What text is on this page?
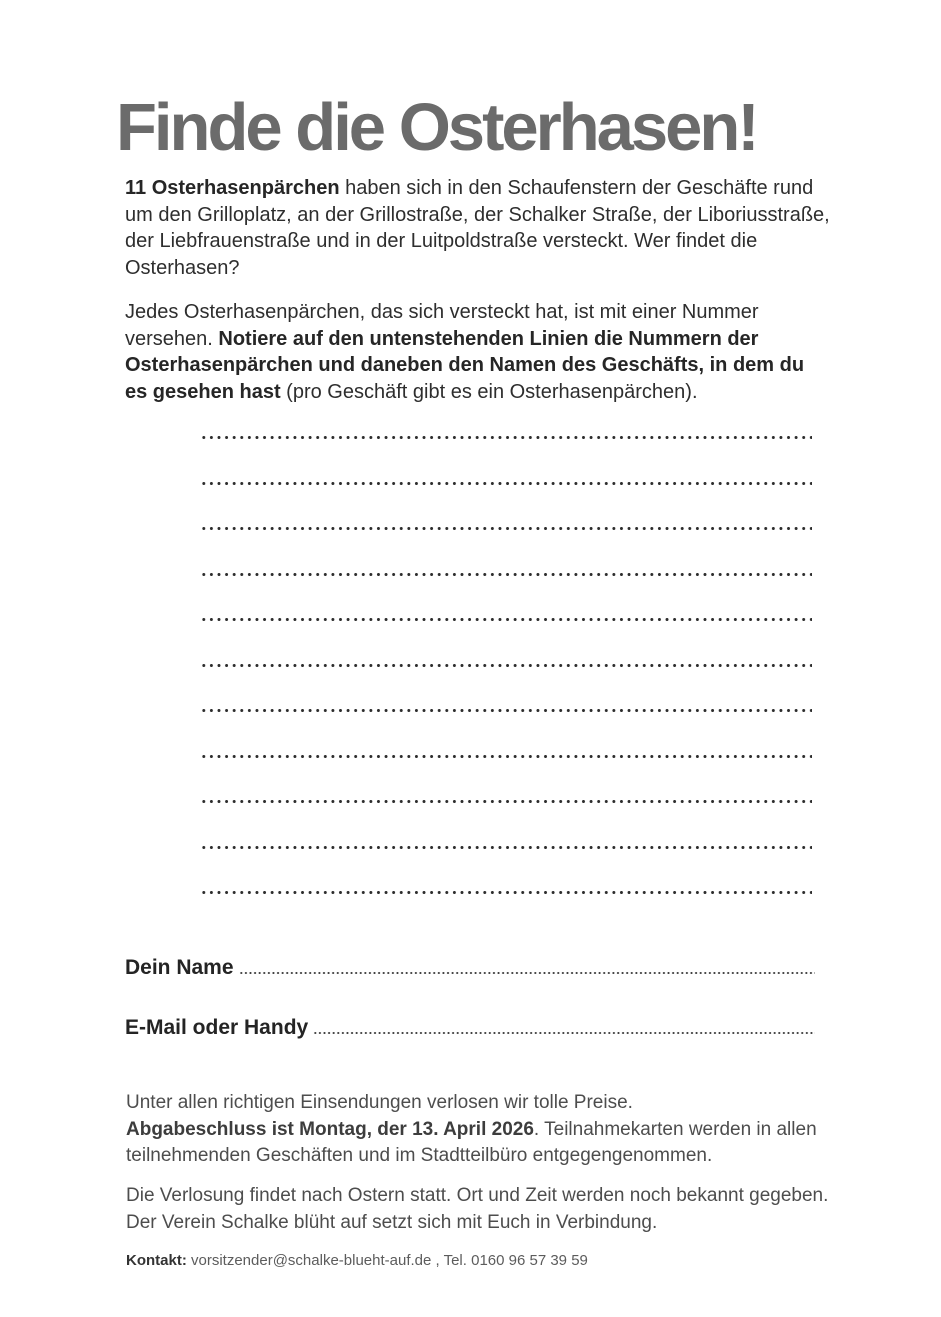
Finde die Osterhasen!

11 Osterhasenpärchen haben sich in den Schaufenstern der Geschäfte rund um den Grilloplatz, an der Grillostraße, der Schalker Straße, der Liboriusstraße, der Liebfrauenstraße und in der Luitpoldstraße versteckt. Wer findet die Osterhasen?

Jedes Osterhasenpärchen, das sich versteckt hat, ist mit einer Nummer versehen. Notiere auf den untenstehenden Linien die Nummern der Osterhasenpärchen und daneben den Namen des Geschäfts, in dem du es gesehen hast (pro Geschäft gibt es ein Osterhasenpärchen).

Dein Name
E-Mail oder Handy

Unter allen richtigen Einsendungen verlosen wir tolle Preise.
Abgabeschluss ist Montag, der 13. April 2026. Teilnahmekarten werden in allen teilnehmenden Geschäften und im Stadtteilbüro entgegengenommen.

Die Verlosung findet nach Ostern statt. Ort und Zeit werden noch bekannt gegeben. Der Verein Schalke blüht auf setzt sich mit Euch in Verbindung.

Kontakt: vorsitzender@schalke-blueht-auf.de , Tel. 0160 96 57 39 59
